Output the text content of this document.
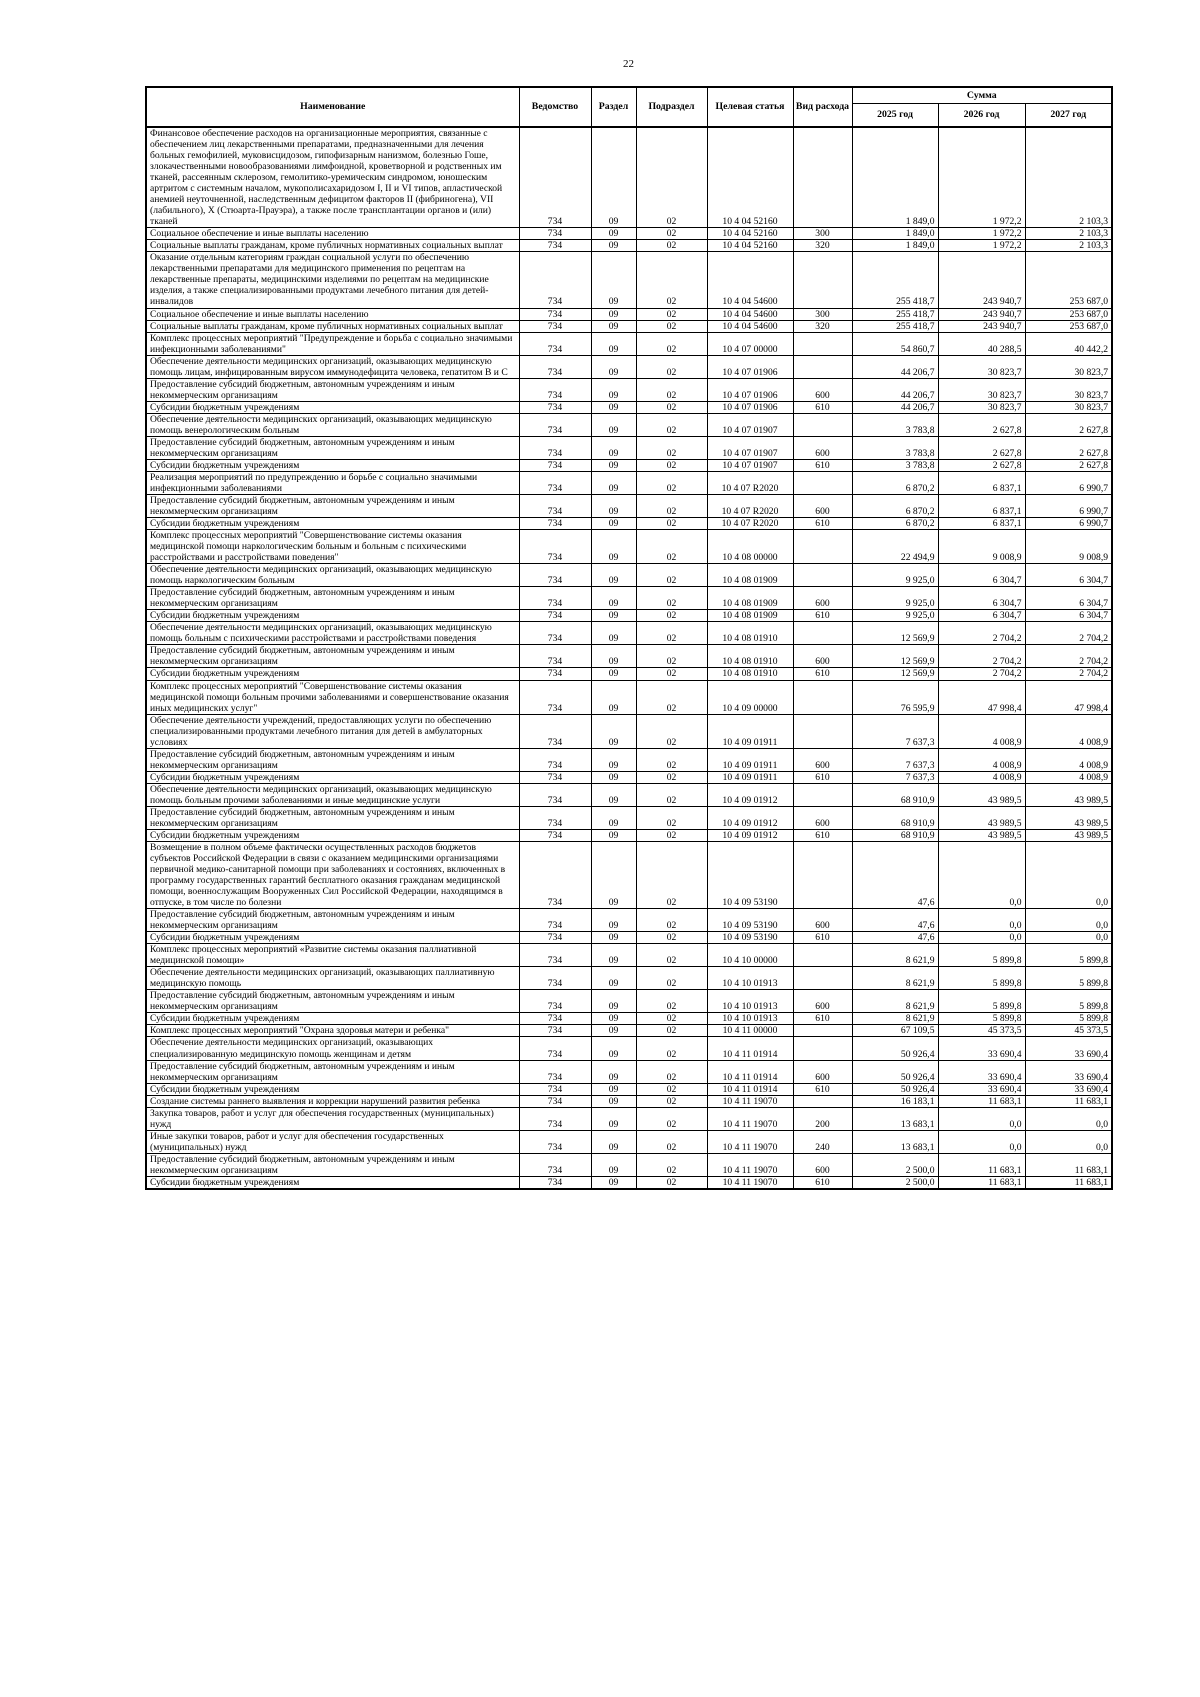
22
Наименование	Ведомство	Раздел	Подраздел	Целевая статья	Вид расхода	Сумма		
						2025 год	2026 год	2027 год
Финансовое обеспечение расходов на организационные мероприятия, связанные с обеспечением лиц лекарственными препаратами, предназначенными для лечения больных гемофилией, муковисцидозом, гипофизарным нанизмом, болезнью Гоше, злокачественными новообразованиями лимфоидной, кроветворной и родственных им тканей, рассеянным склерозом, гемолитико-уремическим синдромом, юношеским артритом с системным началом, мукополисахаридозом I, II и VI типов, апластической анемией неуточненной, наследственным дефицитом факторов II (фибриногена), VII (лабильного), X (Стюарта-Прауэра), а также после трансплантации органов и (или) тканей	734	09	02	10 4 04 52160		1 849,0	1 972,2	2 103,3
Социальное обеспечение и иные выплаты населению	734	09	02	10 4 04 52160	300	1 849,0	1 972,2	2 103,3
Социальные выплаты гражданам, кроме публичных нормативных социальных выплат	734	09	02	10 4 04 52160	320	1 849,0	1 972,2	2 103,3
Оказание отдельным категориям граждан социальной услуги по обеспечению лекарственными препаратами для медицинского применения по рецептам на лекарственные препараты, медицинскими изделиями по рецептам на медицинские изделия, а также специализированными продуктами лечебного питания для детей-инвалидов	734	09	02	10 4 04 54600		255 418,7	243 940,7	253 687,0
Социальное обеспечение и иные выплаты населению	734	09	02	10 4 04 54600	300	255 418,7	243 940,7	253 687,0
Социальные выплаты гражданам, кроме публичных нормативных социальных выплат	734	09	02	10 4 04 54600	320	255 418,7	243 940,7	253 687,0
Комплекс процессных мероприятий "Предупреждение и борьба с социально значимыми инфекционными заболеваниями"	734	09	02	10 4 07 00000		54 860,7	40 288,5	40 442,2
Обеспечение деятельности медицинских организаций, оказывающих медицинскую помощь лицам, инфицированным вирусом иммунодефицита человека, гепатитом B и C	734	09	02	10 4 07 01906		44 206,7	30 823,7	30 823,7
Предоставление субсидий бюджетным, автономным учреждениям и иным некоммерческим организациям	734	09	02	10 4 07 01906	600	44 206,7	30 823,7	30 823,7
Субсидии бюджетным учреждениям	734	09	02	10 4 07 01906	610	44 206,7	30 823,7	30 823,7
Обеспечение деятельности медицинских организаций, оказывающих медицинскую помощь венерологическим больным	734	09	02	10 4 07 01907		3 783,8	2 627,8	2 627,8
Предоставление субсидий бюджетным, автономным учреждениям и иным некоммерческим организациям	734	09	02	10 4 07 01907	600	3 783,8	2 627,8	2 627,8
Субсидии бюджетным учреждениям	734	09	02	10 4 07 01907	610	3 783,8	2 627,8	2 627,8
Реализация мероприятий по предупреждению и борьбе с социально значимыми инфекционными заболеваниями	734	09	02	10 4 07 R2020		6 870,2	6 837,1	6 990,7
Предоставление субсидий бюджетным, автономным учреждениям и иным некоммерческим организациям	734	09	02	10 4 07 R2020	600	6 870,2	6 837,1	6 990,7
Субсидии бюджетным учреждениям	734	09	02	10 4 07 R2020	610	6 870,2	6 837,1	6 990,7
Комплекс процессных мероприятий "Совершенствование системы оказания медицинской помощи наркологическим больным и больным с психическими расстройствами и расстройствами поведения"	734	09	02	10 4 08 00000		22 494,9	9 008,9	9 008,9
Обеспечение деятельности медицинских организаций, оказывающих медицинскую помощь наркологическим больным	734	09	02	10 4 08 01909		9 925,0	6 304,7	6 304,7
Предоставление субсидий бюджетным, автономным учреждениям и иным некоммерческим организациям	734	09	02	10 4 08 01909	600	9 925,0	6 304,7	6 304,7
Субсидии бюджетным учреждениям	734	09	02	10 4 08 01909	610	9 925,0	6 304,7	6 304,7
Обеспечение деятельности медицинских организаций, оказывающих медицинскую помощь больным с психическими расстройствами и расстройствами поведения	734	09	02	10 4 08 01910		12 569,9	2 704,2	2 704,2
Предоставление субсидий бюджетным, автономным учреждениям и иным некоммерческим организациям	734	09	02	10 4 08 01910	600	12 569,9	2 704,2	2 704,2
Субсидии бюджетным учреждениям	734	09	02	10 4 08 01910	610	12 569,9	2 704,2	2 704,2
Комплекс процессных мероприятий "Совершенствование системы оказания медицинской помощи больным прочими заболеваниями и совершенствование оказания иных медицинских услуг"	734	09	02	10 4 09 00000		76 595,9	47 998,4	47 998,4
Обеспечение деятельности учреждений, предоставляющих услуги по обеспечению специализированными продуктами лечебного питания для детей в амбулаторных условиях	734	09	02	10 4 09 01911		7 637,3	4 008,9	4 008,9
Предоставление субсидий бюджетным, автономным учреждениям и иным некоммерческим организациям	734	09	02	10 4 09 01911	600	7 637,3	4 008,9	4 008,9
Субсидии бюджетным учреждениям	734	09	02	10 4 09 01911	610	7 637,3	4 008,9	4 008,9
Обеспечение деятельности медицинских организаций, оказывающих медицинскую помощь больным прочими заболеваниями и иные медицинские услуги	734	09	02	10 4 09 01912		68 910,9	43 989,5	43 989,5
Предоставление субсидий бюджетным, автономным учреждениям и иным некоммерческим организациям	734	09	02	10 4 09 01912	600	68 910,9	43 989,5	43 989,5
Субсидии бюджетным учреждениям	734	09	02	10 4 09 01912	610	68 910,9	43 989,5	43 989,5
Возмещение в полном объеме фактически осуществленных расходов бюджетов субъектов Российской Федерации в связи с оказанием медицинскими организациями первичной медико-санитарной помощи при заболеваниях и состояниях, включенных в программу государственных гарантий бесплатного оказания гражданам медицинской помощи, военнослужащим Вооруженных Сил Российской Федерации, находящимся в отпуске, в том числе по болезни	734	09	02	10 4 09 53190		47,6	0,0	0,0
Предоставление субсидий бюджетным, автономным учреждениям и иным некоммерческим организациям	734	09	02	10 4 09 53190	600	47,6	0,0	0,0
Субсидии бюджетным учреждениям	734	09	02	10 4 09 53190	610	47,6	0,0	0,0
Комплекс процессных мероприятий «Развитие системы оказания паллиативной медицинской помощи»	734	09	02	10 4 10 00000		8 621,9	5 899,8	5 899,8
Обеспечение деятельности медицинских организаций, оказывающих паллиативную медицинскую помощь	734	09	02	10 4 10 01913		8 621,9	5 899,8	5 899,8
Предоставление субсидий бюджетным, автономным учреждениям и иным некоммерческим организациям	734	09	02	10 4 10 01913	600	8 621,9	5 899,8	5 899,8
Субсидии бюджетным учреждениям	734	09	02	10 4 10 01913	610	8 621,9	5 899,8	5 899,8
Комплекс процессных мероприятий "Охрана здоровья матери и ребенка"	734	09	02	10 4 11 00000		67 109,5	45 373,5	45 373,5
Обеспечение деятельности медицинских организаций, оказывающих специализированную медицинскую помощь женщинам и детям	734	09	02	10 4 11 01914		50 926,4	33 690,4	33 690,4
Предоставление субсидий бюджетным, автономным учреждениям и иным некоммерческим организациям	734	09	02	10 4 11 01914	600	50 926,4	33 690,4	33 690,4
Субсидии бюджетным учреждениям	734	09	02	10 4 11 01914	610	50 926,4	33 690,4	33 690,4
Создание системы раннего выявления и коррекции нарушений развития ребенка	734	09	02	10 4 11 19070		16 183,1	11 683,1	11 683,1
Закупка товаров, работ и услуг для обеспечения государственных (муниципальных) нужд	734	09	02	10 4 11 19070	200	13 683,1	0,0	0,0
Иные закупки товаров, работ и услуг для обеспечения государственных (муниципальных) нужд	734	09	02	10 4 11 19070	240	13 683,1	0,0	0,0
Предоставление субсидий бюджетным, автономным учреждениям и иным некоммерческим организациям	734	09	02	10 4 11 19070	600	2 500,0	11 683,1	11 683,1
Субсидии бюджетным учреждениям	734	09	02	10 4 11 19070	610	2 500,0	11 683,1	11 683,1
